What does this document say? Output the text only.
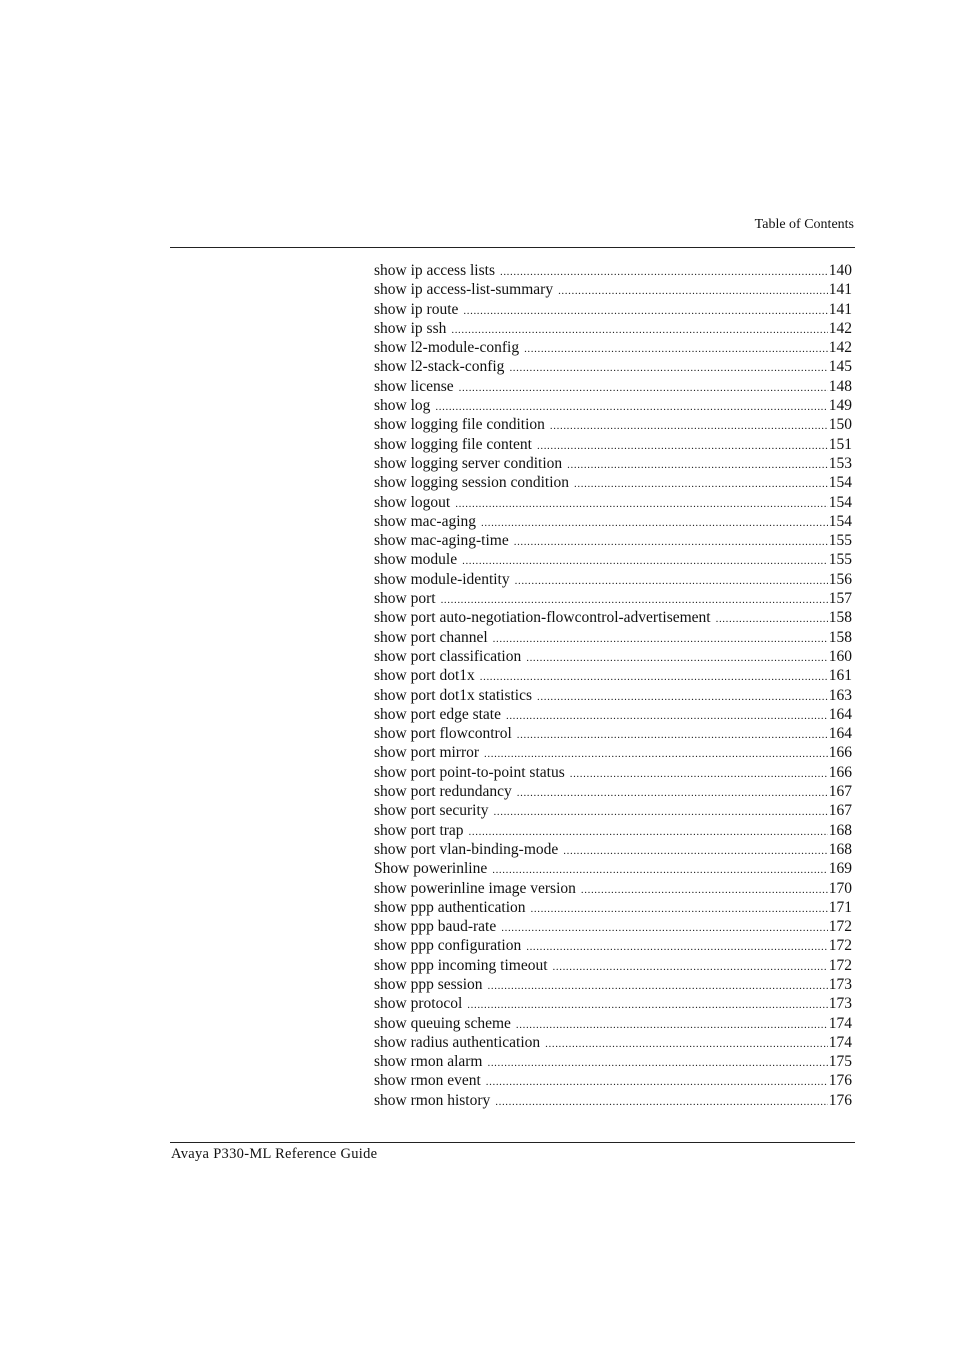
Table of Contents
show ip access lists .....	140
show ip access-list-summary .....	141
show ip route .....	141
show ip ssh .....	142
show l2-module-config .....	142
show l2-stack-config .....	145
show license .....	148
show log .....	149
show logging file condition .....	150
show logging file content .....	151
show logging server condition .....	153
show logging session condition .....	154
show logout .....	154
show mac-aging .....	154
show mac-aging-time .....	155
show module .....	155
show module-identity .....	156
show port .....	157
show port auto-negotiation-flowcontrol-advertisement .....	158
show port channel .....	158
show port classification .....	160
show port dot1x .....	161
show port dot1x statistics .....	163
show port edge state .....	164
show port flowcontrol .....	164
show port mirror .....	166
show port point-to-point status .....	166
show port redundancy .....	167
show port security .....	167
show port trap .....	168
show port vlan-binding-mode .....	168
Show powerinline .....	169
show powerinline image version .....	170
show ppp authentication .....	171
show ppp baud-rate .....	172
show ppp configuration .....	172
show ppp incoming timeout .....	172
show ppp session .....	173
show protocol .....	173
show queuing scheme .....	174
show radius authentication .....	174
show rmon alarm .....	175
show rmon event .....	176
show rmon history .....	176
Avaya P330-ML Reference Guide
